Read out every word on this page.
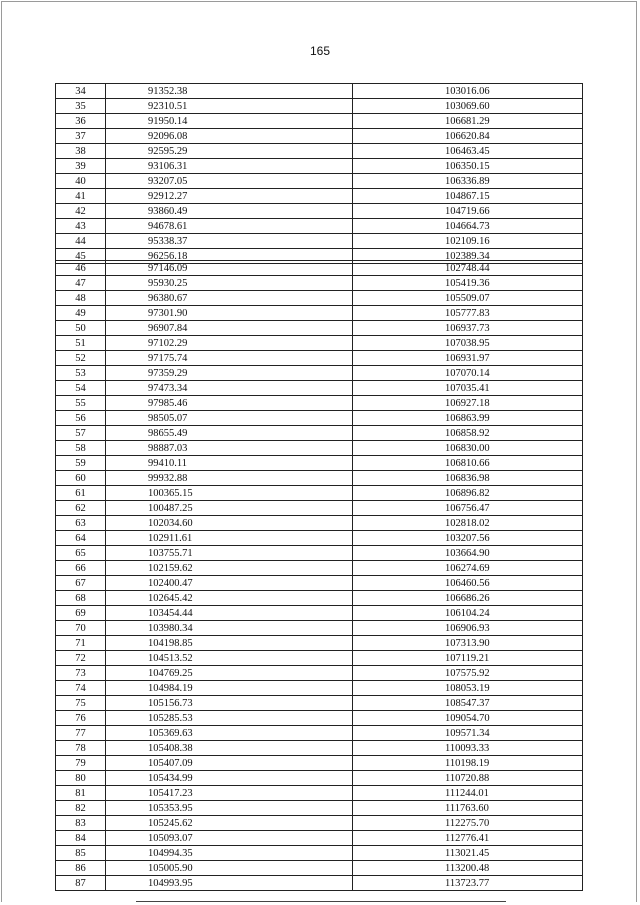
165
34	91352.38	103016.06
35	92310.51	103069.60
36	91950.14	106681.29
37	92096.08	106620.84
38	92595.29	106463.45
39	93106.31	106350.15
40	93207.05	106336.89
41	92912.27	104867.15
42	93860.49	104719.66
43	94678.61	104664.73
44	95338.37	102109.16
45	96256.18	102389.34
46	97146.09	102748.44
47	95930.25	105419.36
48	96380.67	105509.07
49	97301.90	105777.83
50	96907.84	106937.73
51	97102.29	107038.95
52	97175.74	106931.97
53	97359.29	107070.14
54	97473.34	107035.41
55	97985.46	106927.18
56	98505.07	106863.99
57	98655.49	106858.92
58	98887.03	106830.00
59	99410.11	106810.66
60	99932.88	106836.98
61	100365.15	106896.82
62	100487.25	106756.47
63	102034.60	102818.02
64	102911.61	103207.56
65	103755.71	103664.90
66	102159.62	106274.69
67	102400.47	106460.56
68	102645.42	106686.26
69	103454.44	106104.24
70	103980.34	106906.93
71	104198.85	107313.90
72	104513.52	107119.21
73	104769.25	107575.92
74	104984.19	108053.19
75	105156.73	108547.37
76	105285.53	109054.70
77	105369.63	109571.34
78	105408.38	110093.33
79	105407.09	110198.19
80	105434.99	110720.88
81	105417.23	111244.01
82	105353.95	111763.60
83	105245.62	112275.70
84	105093.07	112776.41
85	104994.35	113021.45
86	105005.90	113200.48
87	104993.95	113723.77
